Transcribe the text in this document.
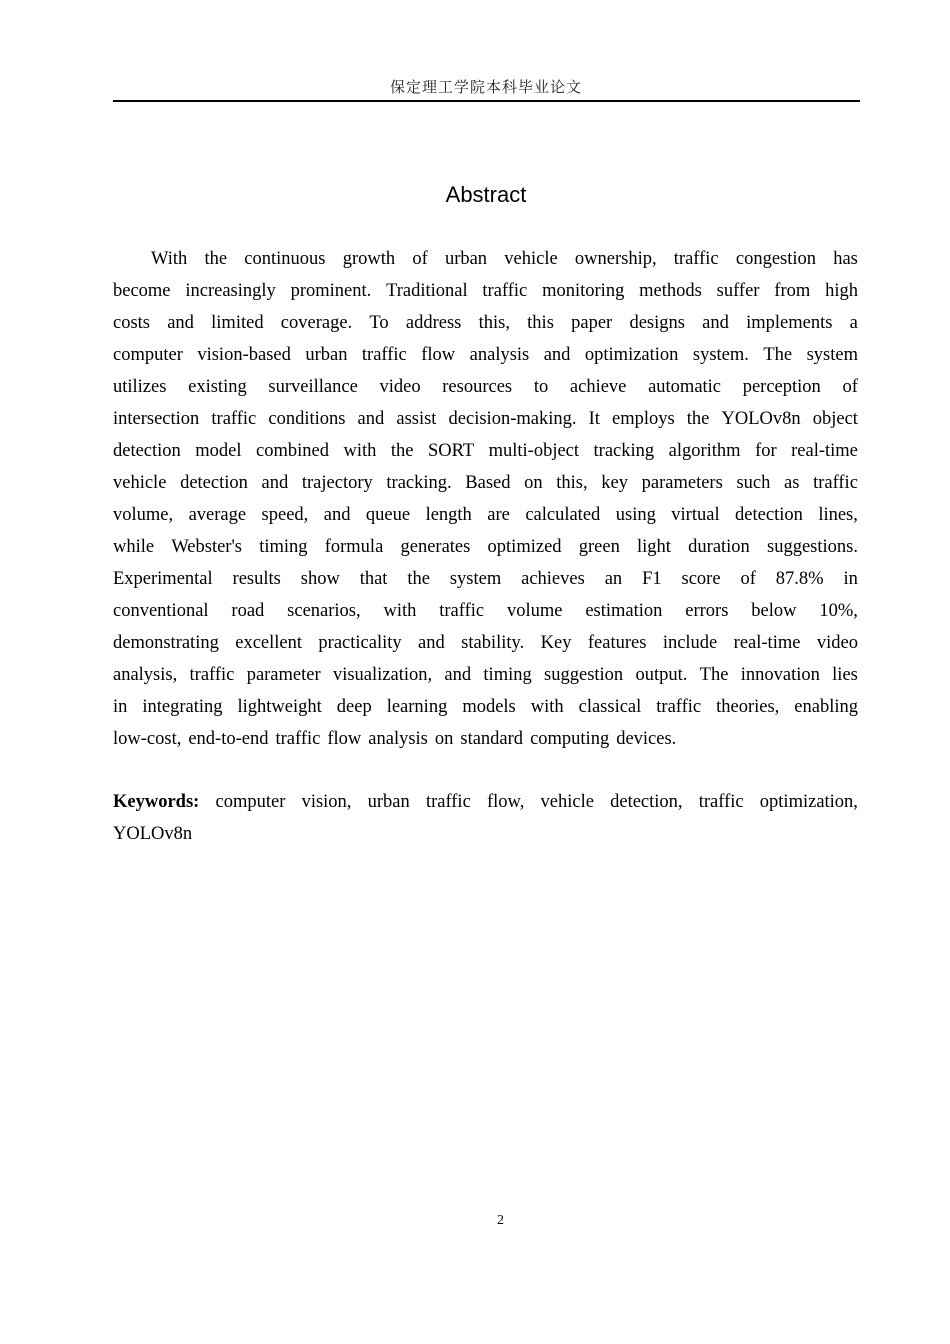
保定理工学院本科毕业论文
Abstract
With the continuous growth of urban vehicle ownership, traffic congestion has
become increasingly prominent. Traditional traffic monitoring methods suffer from high
costs and limited coverage. To address this, this paper designs and implements a
computer vision-based urban traffic flow analysis and optimization system. The system
utilizes existing surveillance video resources to achieve automatic perception of
intersection traffic conditions and assist decision-making. It employs the YOLOv8n object
detection model combined with the SORT multi-object tracking algorithm for real-time
vehicle detection and trajectory tracking. Based on this, key parameters such as traffic
volume, average speed, and queue length are calculated using virtual detection lines,
while Webster's timing formula generates optimized green light duration suggestions.
Experimental results show that the system achieves an F1 score of 87.8% in
conventional road scenarios, with traffic volume estimation errors below 10%,
demonstrating excellent practicality and stability. Key features include real-time video
analysis, traffic parameter visualization, and timing suggestion output. The innovation lies
in integrating lightweight deep learning models with classical traffic theories, enabling
low-cost, end-to-end traffic flow analysis on standard computing devices.
Keywords: computer vision, urban traffic flow, vehicle detection, traffic optimization,
YOLOv8n
2
